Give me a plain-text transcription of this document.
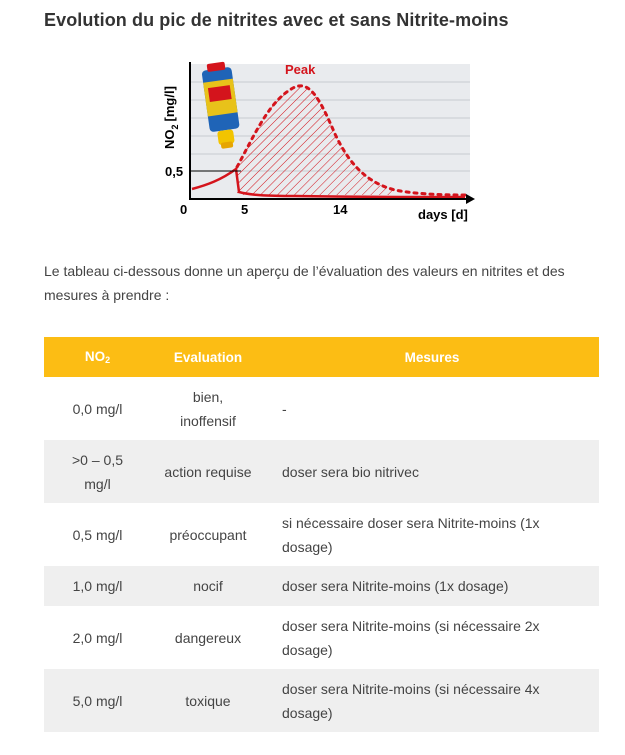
Evolution du pic de nitrites avec et sans Nitrite-moins
Peak
0,5
$NO_2[mg/l]$
0	5	14	days [d]
Le tableau ci-dessous donne un aperçu de l’évaluation des valeurs en nitrites et des mesures à prendre :
$NO_2$	Evaluation	Mesures
0,0 mg/l	bien, inoffensif	-
>0 – 0,5 mg/l	action requise	doser sera bio nitrivec
0,5 mg/l	préoccupant	si nécessaire doser sera Nitrite-moins (1x dosage)
1,0 mg/l	nocif	doser sera Nitrite-moins (1x dosage)
2,0 mg/l	dangereux	doser sera Nitrite-moins (si nécessaire 2x dosage)
5,0 mg/l	toxique	doser sera Nitrite-moins (si nécessaire 4x dosage)
